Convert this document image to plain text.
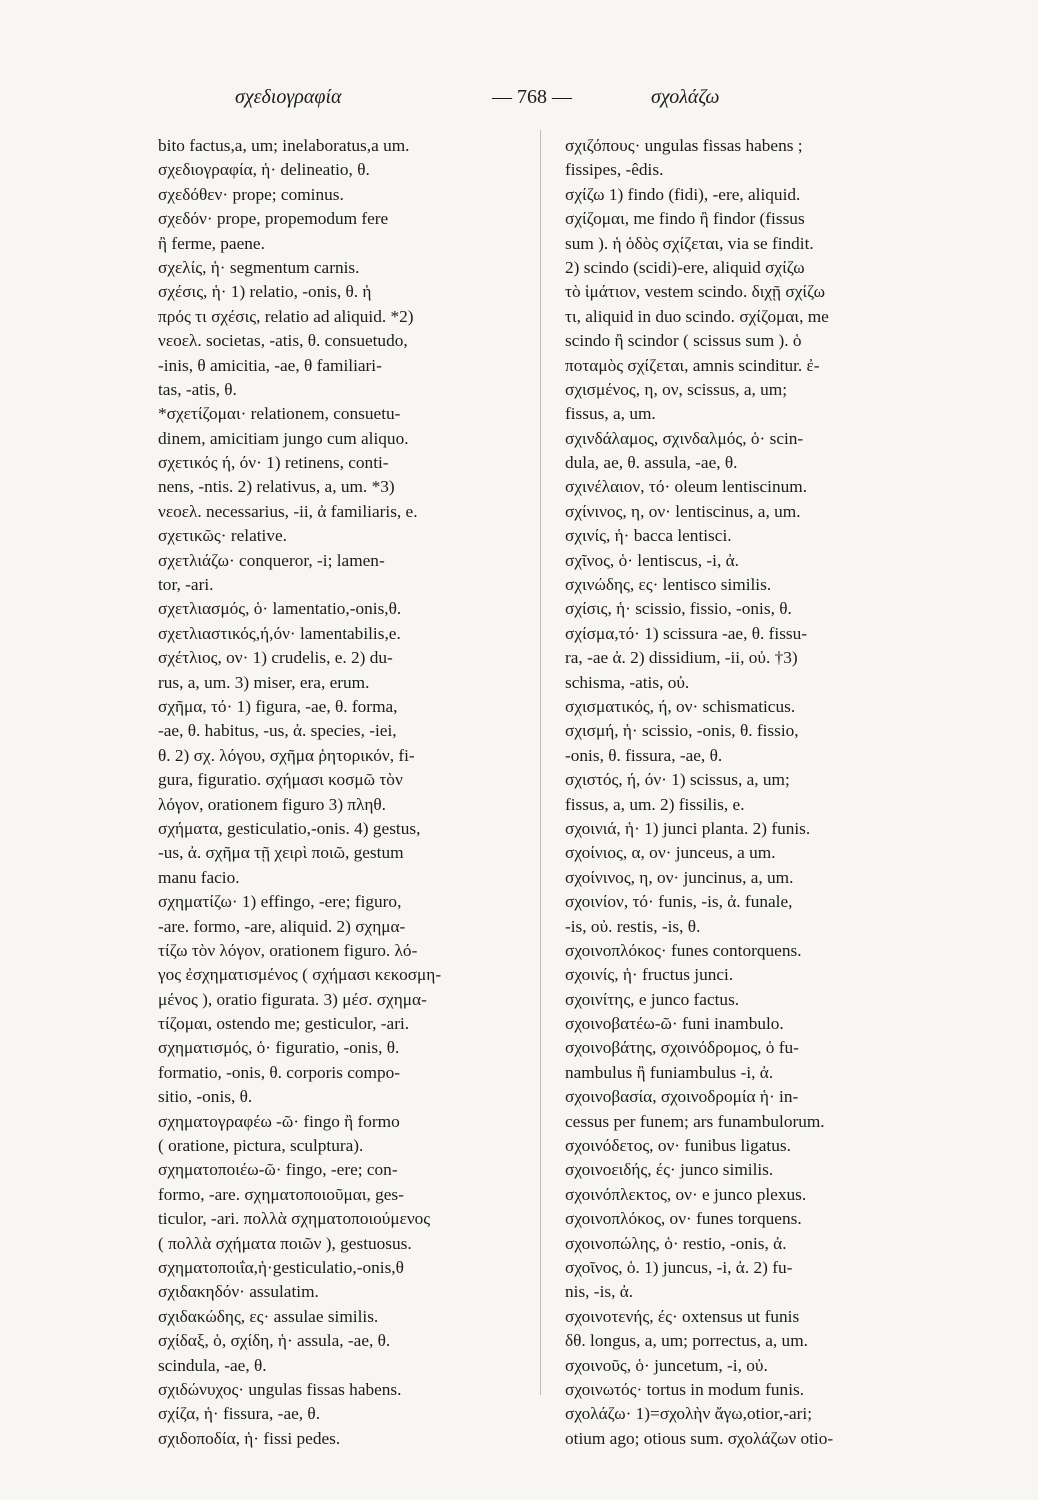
σχεδιογραφία	— 768 —	σχολάζω
bito factus,a, um; inelaboratus,a um.
σχεδιογραφία, ἡ· delineatio, θ.
σχεδόθεν· prope; cominus.
σχεδόν· prope, propemodum fere
ἢ ferme, paene.
σχελίς, ἡ· segmentum carnis.
σχέσις, ἡ· 1) relatio, -onis, θ. ἡ
πρός τι σχέσις, relatio ad aliquid. *2)
νεοελ. societas, -atis, θ. consuetudo,
-inis, θ amicitia, -ae, θ familiari-
tas, -atis, θ.
*σχετίζομαι· relationem, consuetu-
dinem, amicitiam jungo cum aliquo.
σχετικός ή, όν· 1) retinens, conti-
nens, -ntis. 2) relativus, a, um. *3)
νεοελ. necessarius, -ii, ἀ familiaris, e.
σχετικῶς· relative.
σχετλιάζω· conqueror, -i; lamen-
tor, -ari.
σχετλιασμός, ὁ· lamentatio,-onis,θ.
σχετλιαστικός,ή,όν· lamentabilis,e.
σχέτλιος, ον· 1) crudelis, e. 2) du-
rus, a, um. 3) miser, era, erum.
σχῆμα, τό· 1) figura, -ae, θ. forma,
-ae, θ. habitus, -us, ἀ. species, -iei,
θ. 2) σχ. λόγου, σχῆμα ῥητορικόν, fi-
gura, figuratio. σχήμασι κοσμῶ τὸν
λόγον, orationem figuro 3) πληθ.
σχήματα, gesticulatio,-onis. 4) gestus,
-us, ἀ. σχῆμα τῇ χειρὶ ποιῶ, gestum
manu facio.
σχηματίζω· 1) effingo, -ere; figuro,
-are. formo, -are, aliquid. 2) σχημα-
τίζω τὸν λόγον, orationem figuro. λό-
γος ἐσχηματισμένος ( σχήμασι κεκοσμη-
μένος ), oratio figurata. 3) μέσ. σχημα-
τίζομαι, ostendo me; gesticulor, -ari.
σχηματισμός, ὁ· figuratio, -onis, θ.
formatio, -onis, θ. corporis compo-
sitio, -onis, θ.
σχηματογραφέω -ῶ· fingo ἢ formo
( oratione, pictura, sculptura).
σχηματοποιέω-ῶ· fingo, -ere; con-
formo, -are. σχηματοποιοῦμαι, ges-
ticulor, -ari. πολλὰ σχηματοποιούμενος
( πολλὰ σχήματα ποιῶν ), gestuosus.
σχηματοποιΐα,ἡ·gesticulatio,-onis,θ
σχιδακηδόν· assulatim.
σχιδακώδης, ες· assulae similis.
σχίδαξ, ὁ, σχίδη, ἡ· assula, -ae, θ.
scindula, -ae, θ.
σχιδώνυχος· ungulas fissas habens.
σχίζα, ἡ· fissura, -ae, θ.
σχιδοποδία, ἡ· fissi pedes.
σχιζόπους· ungulas fissas habens ;
fissipes, -êdis.
σχίζω 1) findo (fidi), -ere, aliquid.
σχίζομαι, me findo ἢ findor (fissus
sum ). ἡ ὁδὸς σχίζεται, via se findit.
2) scindo (scidi)-ere, aliquid σχίζω
τὸ ἱμάτιον, vestem scindo. διχῇ σχίζω
τι, aliquid in duo scindo. σχίζομαι, me
scindo ἢ scindor ( scissus sum ). ὁ
ποταμὸς σχίζεται, amnis scinditur. ἐ-
σχισμένος, η, ον, scissus, a, um;
fissus, a, um.
σχινδάλαμος, σχινδαλμός, ὁ· scin-
dula, ae, θ. assula, -ae, θ.
σχινέλαιον, τό· oleum lentiscinum.
σχίνινος, η, ον· lentiscinus, a, um.
σχινίς, ἡ· bacca lentisci.
σχῖνος, ὁ· lentiscus, -i, ἀ.
σχινώδης, ες· lentisco similis.
σχίσις, ἡ· scissio, fissio, -onis, θ.
σχίσμα,τό· 1) scissura -ae, θ. fissu-
ra, -ae ἀ. 2) dissidium, -ii, οὐ. †3)
schisma, -atis, οὐ.
σχισματικός, ή, ον· schismaticus.
σχισμή, ἡ· scissio, -onis, θ. fissio,
-onis, θ. fissura, -ae, θ.
σχιστός, ή, όν· 1) scissus, a, um;
fissus, a, um. 2) fissilis, e.
σχοινιά, ἡ· 1) junci planta. 2) funis.
σχοίνιος, α, ον· junceus, a um.
σχοίνινος, η, ον· juncinus, a, um.
σχοινίον, τό· funis, -is, ἀ. funale,
-is, οὐ. restis, -is, θ.
σχοινοπλόκος· funes contorquens.
σχοινίς, ἡ· fructus junci.
σχοινίτης, e junco factus.
σχοινοβατέω-ῶ· funi inambulo.
σχοινοβάτης, σχοινόδρομος, ὁ fu-
nambulus ἢ funiambulus -i, ἀ.
σχοινοβασία, σχοινοδρομία ἡ· in-
cessus per funem; ars funambulorum.
σχοινόδετος, ον· funibus ligatus.
σχοινοειδής, ές· junco similis.
σχοινόπλεκτος, ον· e junco plexus.
σχοινοπλόκος, ον· funes torquens.
σχοινοπώλης, ὁ· restio, -onis, ἀ.
σχοῖνος, ὁ. 1) juncus, -i, ἀ. 2) fu-
nis, -is, ἀ.
σχοινοτενής, ές· oxtensus ut funis
δθ. longus, a, um; porrectus, a, um.
σχοινοῦς, ὁ· juncetum, -i, οὐ.
σχοινωτός· tortus in modum funis.
σχολάζω· 1)=σχολὴν ἄγω,otior,-ari;
otium ago; otious sum. σχολάζων otio-
